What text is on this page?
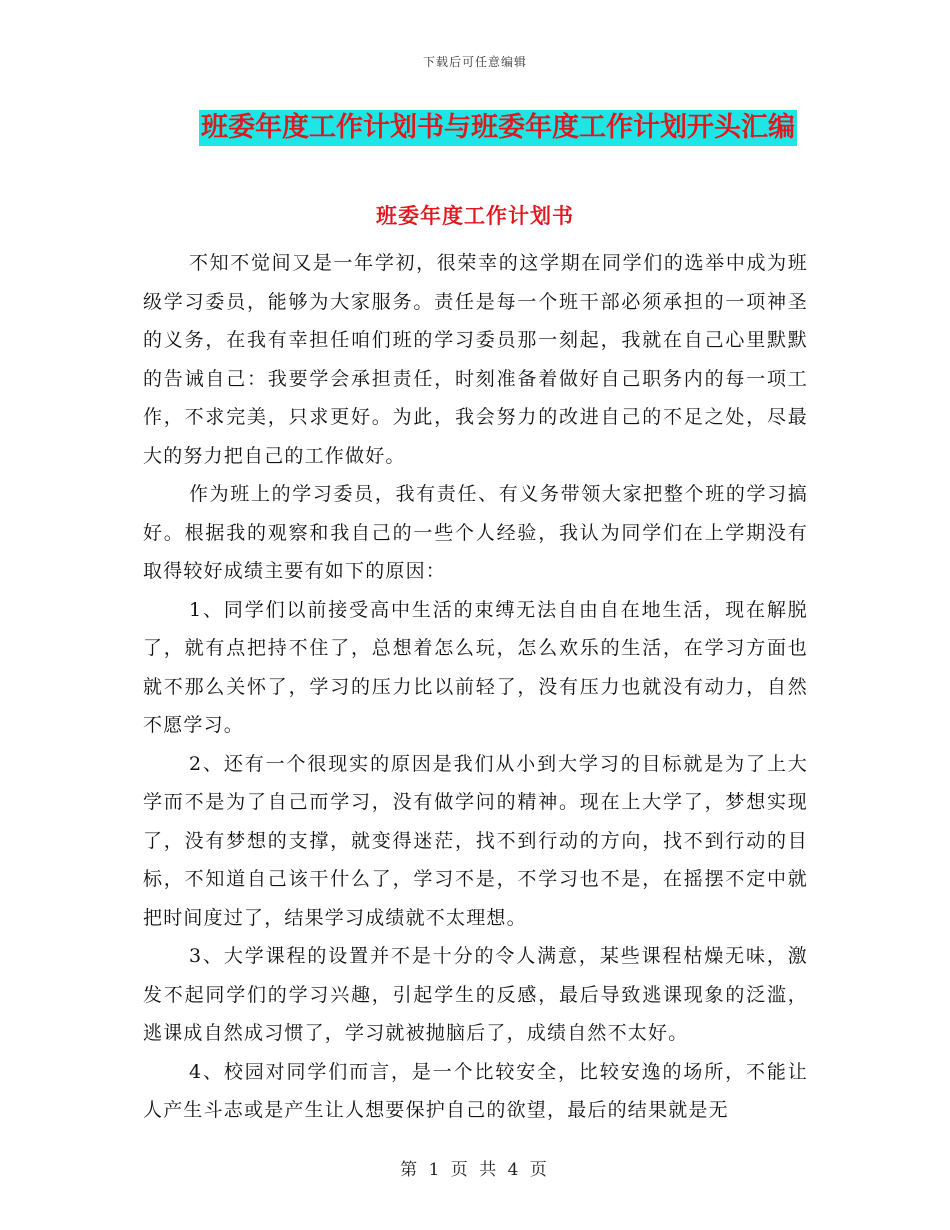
下载后可任意编辑
班委年度工作计划书与班委年度工作计划开头汇编
班委年度工作计划书

不知不觉间又是一年学初，很荣幸的这学期在同学们的选举中成为班级学习委员，能够为大家服务。责任是每一个班干部必须承担的一项神圣的义务，在我有幸担任咱们班的学习委员那一刻起，我就在自己心里默默的告诫自己：我要学会承担责任，时刻准备着做好自己职务内的每一项工作，不求完美，只求更好。为此，我会努力的改进自己的不足之处，尽最大的努力把自己的工作做好。

作为班上的学习委员，我有责任、有义务带领大家把整个班的学习搞好。根据我的观察和我自己的一些个人经验，我认为同学们在上学期没有取得较好成绩主要有如下的原因：

1、同学们以前接受高中生活的束缚无法自由自在地生活，现在解脱了，就有点把持不住了，总想着怎么玩，怎么欢乐的生活，在学习方面也就不那么关怀了，学习的压力比以前轻了，没有压力也就没有动力，自然不愿学习。

2、还有一个很现实的原因是我们从小到大学习的目标就是为了上大学而不是为了自己而学习，没有做学问的精神。现在上大学了，梦想实现了，没有梦想的支撑，就变得迷茫，找不到行动的方向，找不到行动的目标，不知道自己该干什么了，学习不是，不学习也不是，在摇摆不定中就把时间度过了，结果学习成绩就不太理想。

3、大学课程的设置并不是十分的令人满意，某些课程枯燥无味，激发不起同学们的学习兴趣，引起学生的反感，最后导致逃课现象的泛滥，逃课成自然成习惯了，学习就被抛脑后了，成绩自然不太好。

4、校园对同学们而言，是一个比较安全，比较安逸的场所，不能让人产生斗志或是产生让人想要保护自己的欲望，最后的结果就是无

第 1 页 共 4 页
